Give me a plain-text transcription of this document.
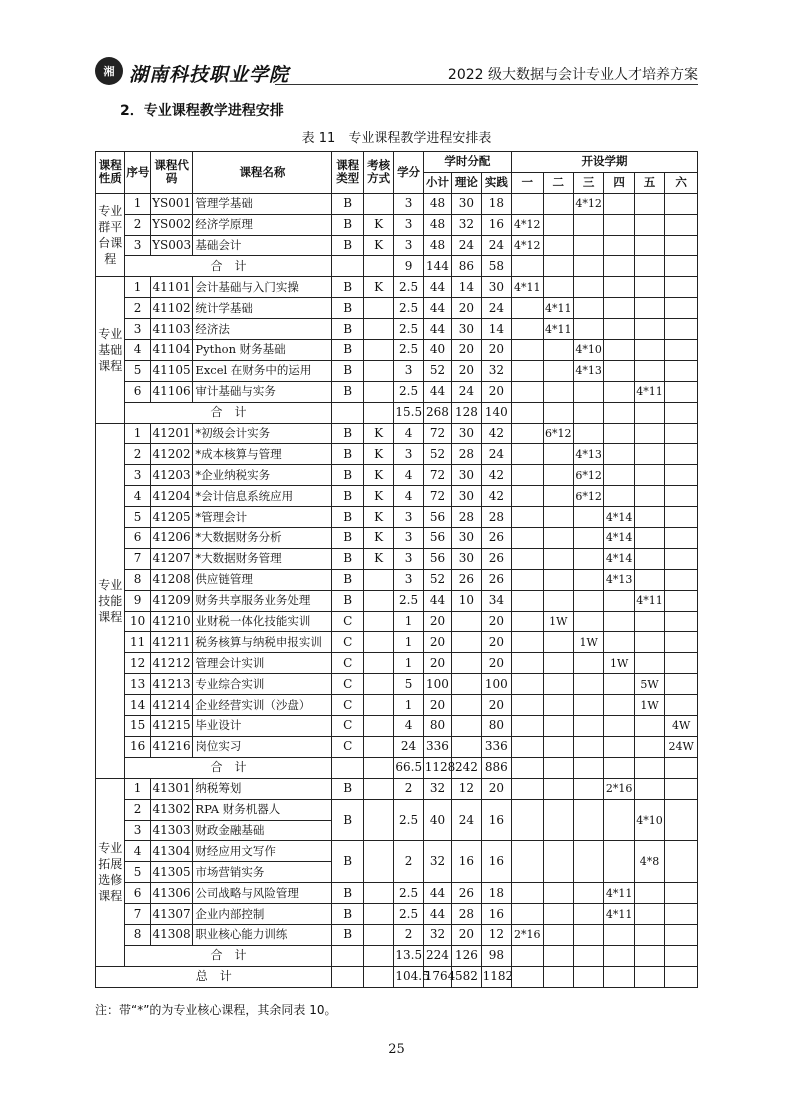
湘 湖南科技职业学院	2022 级大数据与会计专业人才培养方案
2．专业课程教学进程安排
表 11　专业课程教学进程安排表
课程性质	序号	课程代码	课程名称	课程类型	考核方式	学分	学时分配			开设学期					
							小计	理论	实践	一	二	三	四	五	六
专业群平台课程	1	YS001	管理学基础	B		3	48	30	18			4*12			
	2	YS002	经济学原理	B	K	3	48	32	16	4*12					
	3	YS003	基础会计	B	K	3	48	24	24	4*12					
	合　计					9	144	86	58						
专业基础课程	1	41101	会计基础与入门实操	B	K	2.5	44	14	30	4*11					
	2	41102	统计学基础	B		2.5	44	20	24		4*11				
	3	41103	经济法	B		2.5	44	30	14		4*11				
	4	41104	Python 财务基础	B		2.5	40	20	20			4*10			
	5	41105	Excel 在财务中的运用	B		3	52	20	32			4*13			
	6	41106	审计基础与实务	B		2.5	44	24	20					4*11	
	合　计					15.5	268	128	140						
专业技能课程	1	41201	*初级会计实务	B	K	4	72	30	42		6*12				
	2	41202	*成本核算与管理	B	K	3	52	28	24			4*13			
	3	41203	*企业纳税实务	B	K	4	72	30	42			6*12			
	4	41204	*会计信息系统应用	B	K	4	72	30	42			6*12			
	5	41205	*管理会计	B	K	3	56	28	28				4*14		
	6	41206	*大数据财务分析	B	K	3	56	30	26				4*14		
	7	41207	*大数据财务管理	B	K	3	56	30	26				4*14		
	8	41208	供应链管理	B		3	52	26	26				4*13		
	9	41209	财务共享服务业务处理	B		2.5	44	10	34					4*11	
	10	41210	业财税一体化技能实训	C		1	20		20		1W				
	11	41211	税务核算与纳税申报实训	C		1	20		20			1W			
	12	41212	管理会计实训	C		1	20		20				1W		
	13	41213	专业综合实训	C		5	100		100					5W	
	14	41214	企业经营实训（沙盘）	C		1	20		20					1W	
	15	41215	毕业设计	C		4	80		80						4W
	16	41216	岗位实习	C		24	336		336						24W
	合　计					66.5	1128	242	886						
专业拓展选修课程	1	41301	纳税筹划	B		2	32	12	20				2*16		
	2	41302	RPA 财务机器人	B		2.5	40	24	16					4*10	
	3	41303	财政金融基础												
	4	41304	财经应用文写作	B		2	32	16	16					4*8	
	5	41305	市场营销实务												
	6	41306	公司战略与风险管理	B		2.5	44	26	18				4*11		
	7	41307	企业内部控制	B		2.5	44	28	16				4*11		
	8	41308	职业核心能力训练	B		2	32	20	12	2*16					
	合　计					13.5	224	126	98						
总　计						104.5	1764	582	1182						
注：带“*”的为专业核心课程，其余同表 10。
25
